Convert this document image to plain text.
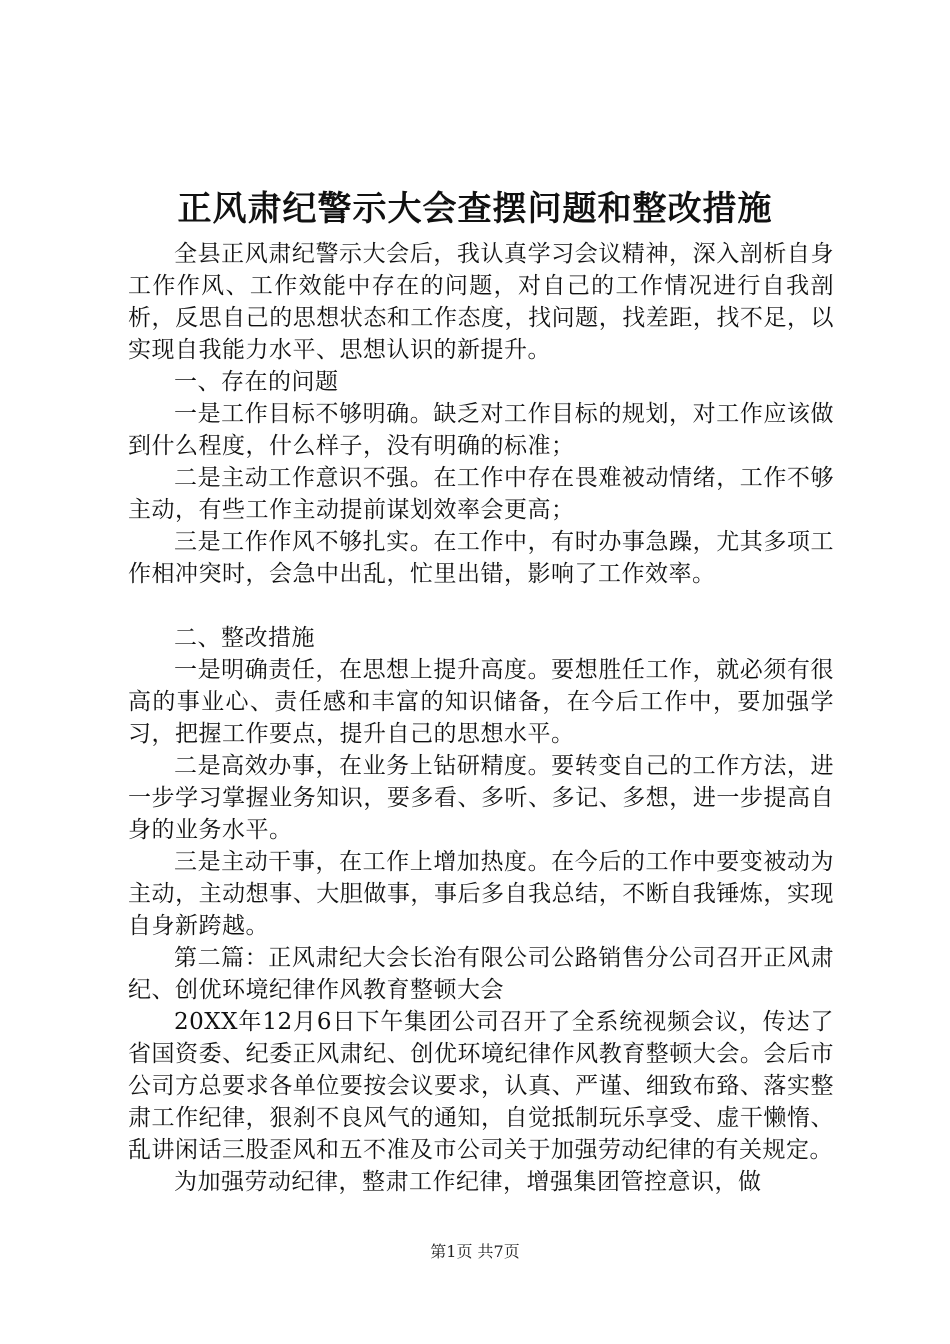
正风肃纪警示大会查摆问题和整改措施

全县正风肃纪警示大会后，我认真学习会议精神，深入剖析自身工作作风、工作效能中存在的问题，对自己的工作情况进行自我剖析，反思自己的思想状态和工作态度，找问题，找差距，找不足，以实现自我能力水平、思想认识的新提升。

一、存在的问题

一是工作目标不够明确。缺乏对工作目标的规划，对工作应该做到什么程度，什么样子，没有明确的标准；

二是主动工作意识不强。在工作中存在畏难被动情绪，工作不够主动，有些工作主动提前谋划效率会更高；

三是工作作风不够扎实。在工作中，有时办事急躁，尤其多项工作相冲突时，会急中出乱，忙里出错，影响了工作效率。

二、整改措施

一是明确责任，在思想上提升高度。要想胜任工作，就必须有很高的事业心、责任感和丰富的知识储备，在今后工作中，要加强学习，把握工作要点，提升自己的思想水平。

二是高效办事，在业务上钻研精度。要转变自己的工作方法，进一步学习掌握业务知识，要多看、多听、多记、多想，进一步提高自身的业务水平。

三是主动干事，在工作上增加热度。在今后的工作中要变被动为主动，主动想事、大胆做事，事后多自我总结，不断自我锤炼，实现自身新跨越。

第二篇：正风肃纪大会长治有限公司公路销售分公司召开正风肃纪、创优环境纪律作风教育整顿大会

20XX年12月6日下午集团公司召开了全系统视频会议，传达了省国资委、纪委正风肃纪、创优环境纪律作风教育整顿大会。会后市公司方总要求各单位要按会议要求，认真、严谨、细致布臵、落实整肃工作纪律，狠刹不良风气的通知，自觉抵制玩乐享受、虚干懒惰、乱讲闲话三股歪风和五不准及市公司关于加强劳动纪律的有关规定。

为加强劳动纪律，整肃工作纪律，增强集团管控意识，做

第1页 共7页
